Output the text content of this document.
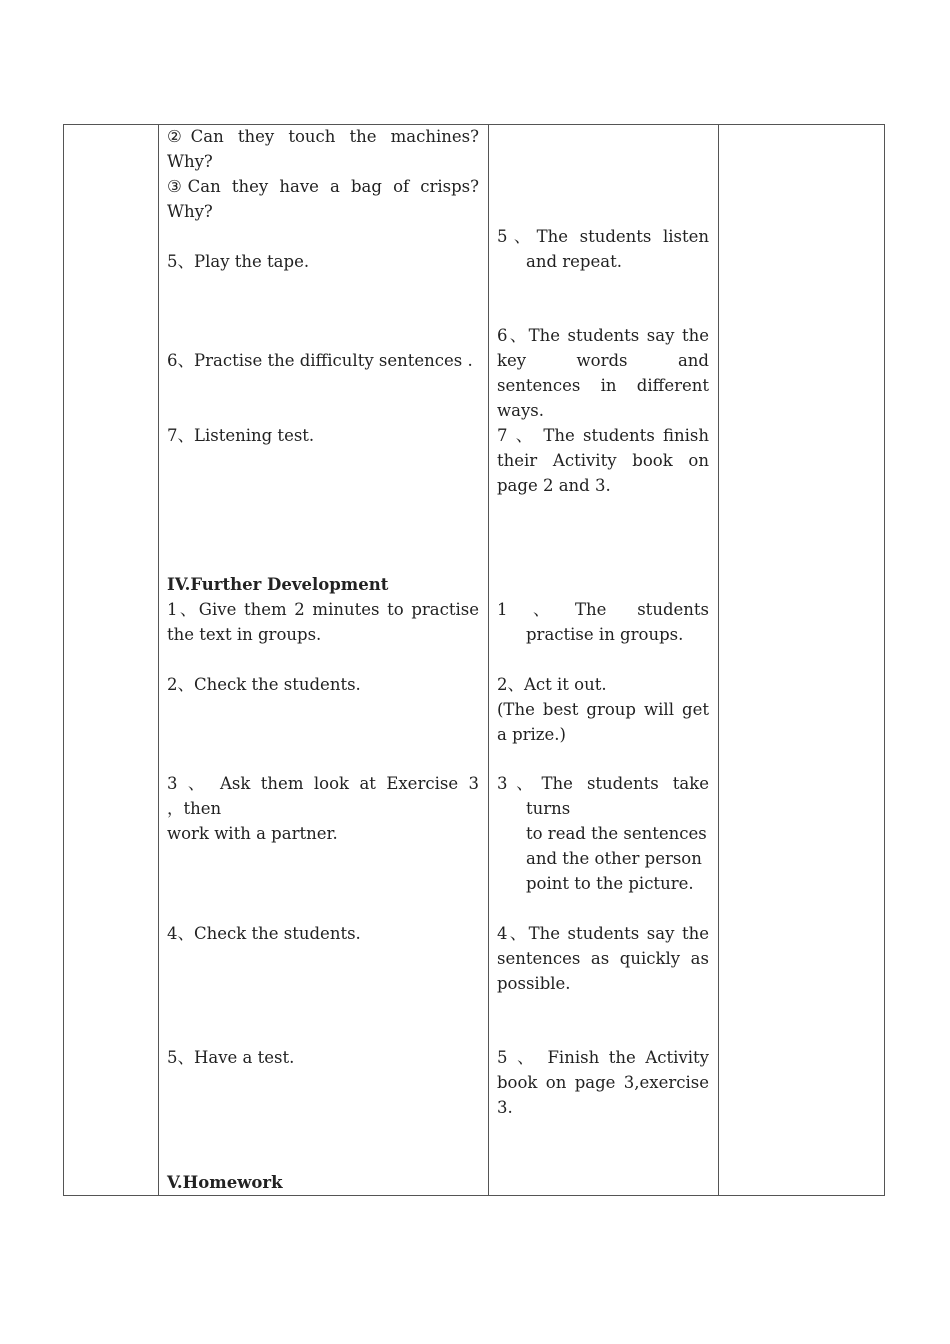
②Can they touch the machines?
Why?
③Can they have a bag of crisps?
Why?
5、Play the tape.
6、Practise the difficulty sentences .
7、Listening test.
IV.Further Development
1、Give them 2 minutes to practise
the text in groups.
2、Check the students.
3 、 Ask them look at Exercise 3
，then
work with a partner.
4、Check the students.
5、Have a test.
V.Homework
5、The students listen
and repeat.
6、The students say the
key words and
sentences in different
ways.
7 、 The students finish
their Activity book on
page 2 and 3.
1、The students
practise in groups.
2、Act it out.
(The best group will get
a prize.)
3、The students take
turns
to read the sentences
and the other person
point to the picture.
4、The students say the
sentences as quickly as
possible.
5 、 Finish the Activity
book on page 3,exercise
3.
